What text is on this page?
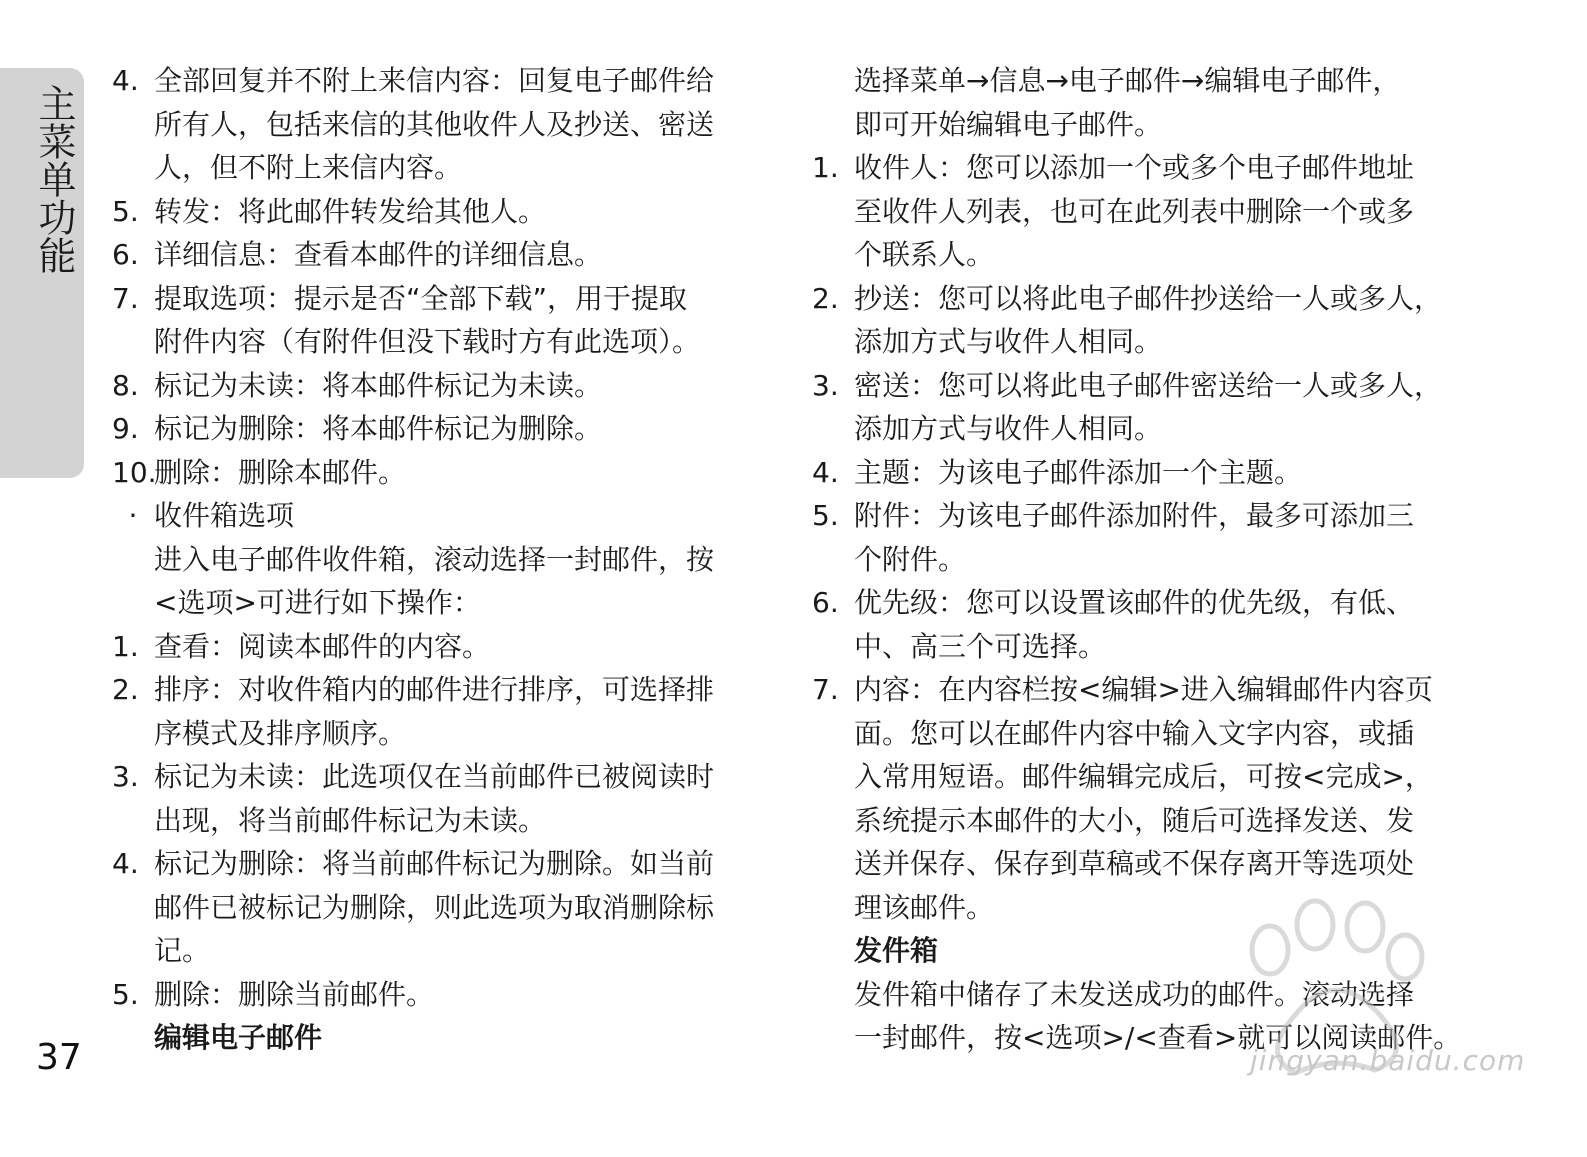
主菜单功能
37
4. 全部回复并不附上来信内容：回复电子邮件给
所有人，包括来信的其他收件人及抄送、密送
人，但不附上来信内容。
5. 转发：将此邮件转发给其他人。
6. 详细信息：查看本邮件的详细信息。
7. 提取选项：提示是否“全部下载”，用于提取
附件内容（有附件但没下载时方有此选项）。
8. 标记为未读：将本邮件标记为未读。
9. 标记为删除：将本邮件标记为删除。
10.
删除：删除本邮件。
· 收件箱选项
进入电子邮件收件箱，滚动选择一封邮件，按
<选项>可进行如下操作：
1. 查看：阅读本邮件的内容。
2. 排序：对收件箱内的邮件进行排序，可选择排
序模式及排序顺序。
3. 标记为未读：此选项仅在当前邮件已被阅读时
出现，将当前邮件标记为未读。
4. 标记为删除：将当前邮件标记为删除。如当前
邮件已被标记为删除，则此选项为取消删除标
记。
5. 删除：删除当前邮件。
编辑电子邮件
选择菜单→信息→电子邮件→编辑电子邮件，
即可开始编辑电子邮件。
1. 收件人：您可以添加一个或多个电子邮件地址
至收件人列表，也可在此列表中删除一个或多
个联系人。
2. 抄送：您可以将此电子邮件抄送给一人或多人，
添加方式与收件人相同。
3. 密送：您可以将此电子邮件密送给一人或多人，
添加方式与收件人相同。
4. 主题：为该电子邮件添加一个主题。
5. 附件：为该电子邮件添加附件，最多可添加三
个附件。
6. 优先级：您可以设置该邮件的优先级，有低、
中、高三个可选择。
7. 内容：在内容栏按<编辑>进入编辑邮件内容页
面。您可以在邮件内容中输入文字内容，或插
入常用短语。邮件编辑完成后，可按<完成>，
系统提示本邮件的大小，随后可选择发送、发
送并保存、保存到草稿或不保存离开等选项处
理该邮件。
发件箱
发件箱中储存了未发送成功的邮件。滚动选择
一封邮件，按<选项>/<查看>就可以阅读邮件。
jingyan.baidu.com
